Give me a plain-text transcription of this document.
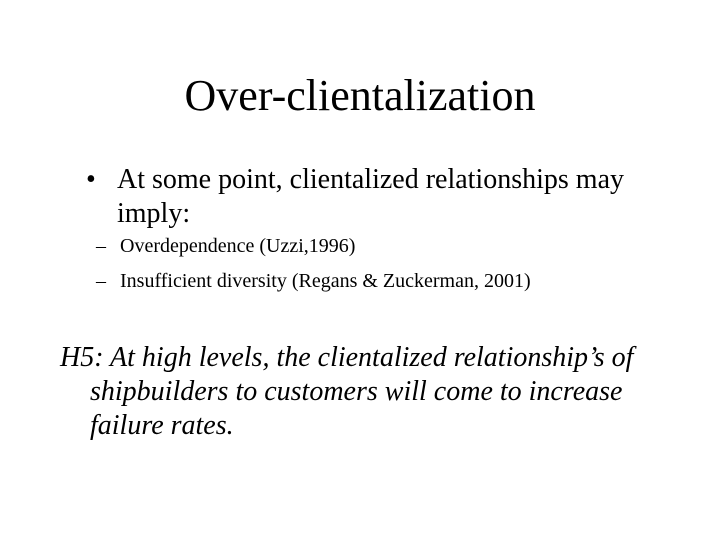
Over-clientalization
• At some point, clientalized relationships may imply:
– Overdependence (Uzzi,1996)
– Insufficient diversity (Regans & Zuckerman, 2001)
H5: At high levels, the clientalized relationship’s of shipbuilders to customers will come to increase failure rates.
